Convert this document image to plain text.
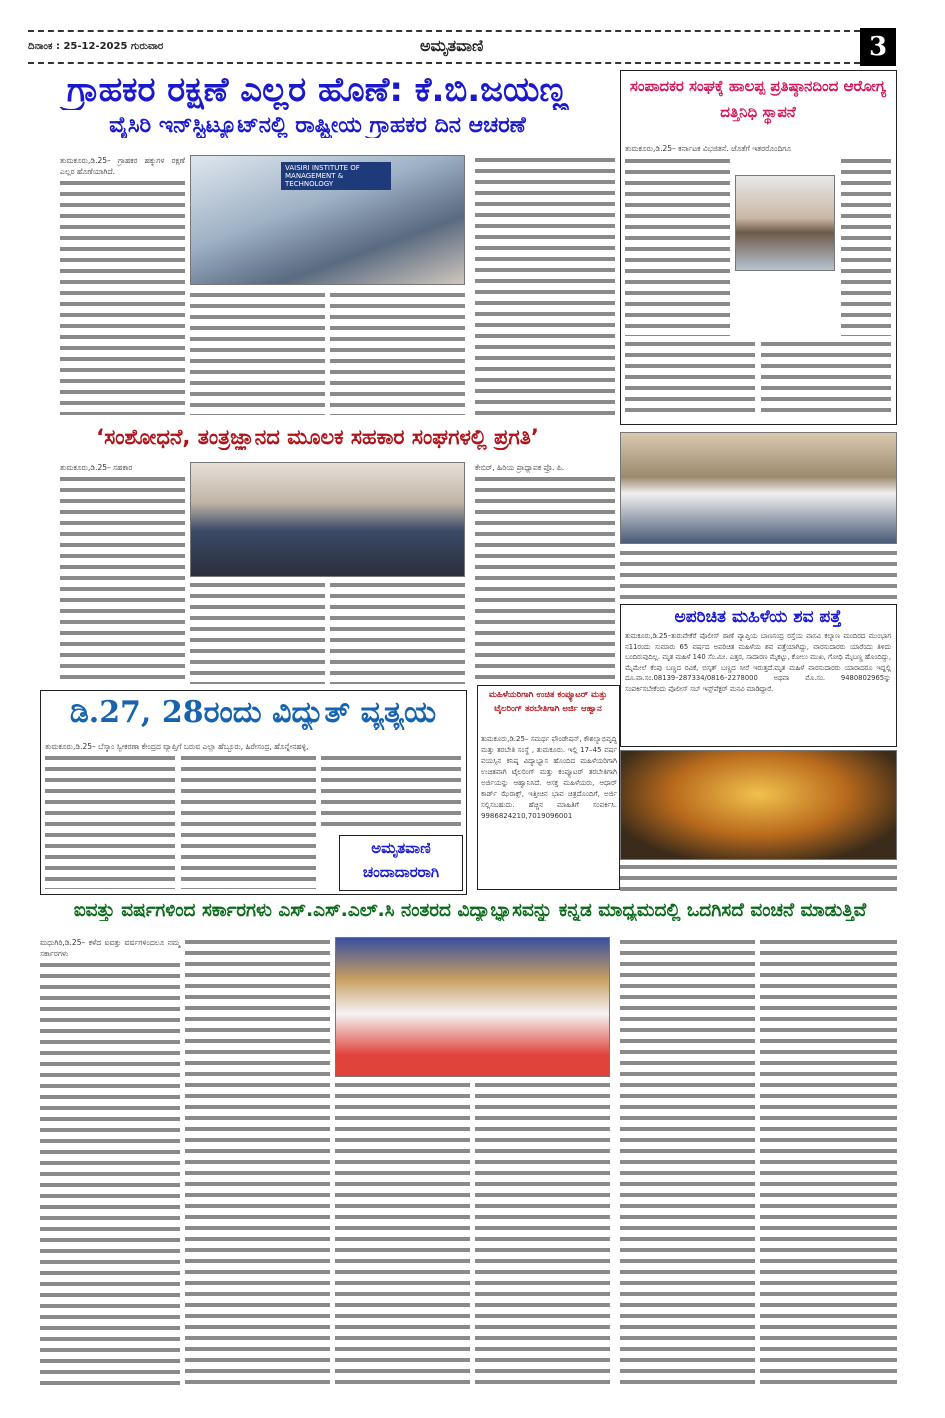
ದಿನಾಂಕ : 25-12-2025 ಗುರುವಾರ	ಅಮೃತವಾಣಿ	3
ಗ್ರಾಹಕರ ರಕ್ಷಣೆ ಎಲ್ಲರ ಹೊಣೆ: ಕೆ.ಬಿ.ಜಯಣ್ಣ
ವೈಸಿರಿ ಇನ್‌ಸ್ಟಿಟ್ಯೂಟ್‌ನಲ್ಲಿ ರಾಷ್ಟ್ರೀಯ ಗ್ರಾಹಕರ ದಿನ ಆಚರಣೆ
ತುಮಕೂರು,ಡಿ.25– ಗ್ರಾಹಕರ ಹಕ್ಕುಗಳ ರಕ್ಷಣೆ ಎಲ್ಲರ ಹೊಣೆಯಾಗಿದೆ.	VAISIRI INSTITUTE OF MANAGEMENT & TECHNOLOGY
ಸಂಪಾದಕರ ಸಂಘಕ್ಕೆ ಹಾಲಪ್ಪ ಪ್ರತಿಷ್ಠಾನದಿಂದ ಆರೋಗ್ಯ ದತ್ತಿನಿಧಿ ಸ್ಥಾಪನೆ
ತುಮಕೂರು,ಡಿ.25– ಕರ್ನಾಟಕ ವಿಭಜಿತನೆ. ಜೊತೆಗೆ ಇತರರೊಂದಿಗೂ
‘ಸಂಶೋಧನೆ, ತಂತ್ರಜ್ಞಾನದ ಮೂಲಕ ಸಹಕಾರ ಸಂಘಗಳಲ್ಲಿ ಪ್ರಗತಿ’
ತುಮಕೂರು,ಡಿ.25– ಸಹಕಾರ	ಕೇಬಿರ್, ಹಿರಿಯ ಪ್ರಾಧ್ಯಾಪಕ ಪ್ರೊ. ಪಿ.
ಅಪರಿಚಿತ ಮಹಿಳೆಯ ಶವ ಪತ್ತೆ
ತುಮಕೂರು,ಡಿ.25–ತುರುವೇಕೆರೆ ಪೊಲೀಸ್ ಠಾಣೆ ವ್ಯಾಪ್ತಿಯ ಬಾಣಸಂದ್ರ ರಸ್ತೆಯ ವಾಸವಿ ಕಲ್ಯಾಣ ಮಂದಿರದ ಮುಂಭಾಗ ನ11ರಂದು ಸುಮಾರು 65 ವರ್ಷದ ಅಪರಿಚಿತ ಮಹಿಳೆಯ ಶವ ಪತ್ತೆಯಾಗಿದ್ದು, ವಾರಸುದಾರರು ಯಾರೆಂದು ತಿಳಿದು ಬಂದಿರುವುದಿಲ್ಲ. ಮೃತ ಮಹಿಳೆ 140 ಸೆಂ.ಮೀ. ಎತ್ತರ, ಸಾದಾರಣ ಮೈಕಟ್ಟು, ಕೋಲು ಮುಖ, ಗೋಧಿ ಮೈಬಣ್ಣ ಹೊಂದಿದ್ದು, ಮೈಮೇಲೆ ಕೆಂಪು ಬಣ್ಣದ ರವಿಕೆ, ಬಿಸ್ಕತ್ ಬಣ್ಣದ ಸೀರೆ ಇರುತ್ತದೆ.ಮೃತ ಮಹಿಳೆ ವಾರಸುದಾರರು ಯಾರಾದರೂ ಇದ್ದಲ್ಲಿ ದೂ.ವಾ.ಸಂ.08139–287334/0816–2278000 ಅಥವಾ ಮೊ.ಸಂ. 9480802965ನ್ನು ಸಂಪರ್ಕಿಸಬೇಕೆಂದು ಪೊಲೀಸ್ ಸಬ್ ಇನ್ಸ್‌ಪೆಕ್ಟರ್ ಮನವಿ ಮಾಡಿದ್ದಾರೆ.
ಡಿ.27, 28ರಂದು ವಿದ್ಯುತ್ ವ್ಯತ್ಯಯ
ತುಮಕೂರು,ಡಿ.25– ಬೆಸ್ಕಾಂ ಸ್ವೀಕರಣಾ ಕೇಂದ್ರದ ವ್ಯಾಪ್ತಿಗೆ ಬರುವ ಎಲ್ಲಾ ಹೆಬ್ಬೂರು, ಹಿರೇಸಂದ್ರ, ಹೊನ್ನೇನಹಳ್ಳಿ,
ಅಮೃತವಾಣಿ
ಚಂದಾದಾರರಾಗಿ
ಮಹಿಳೆಯರಿಗಾಗಿ ಉಚಿತ ಕಂಪ್ಯೂಟರ್ ಮತ್ತು ಟೈಲರಿಂಗ್ ತರಬೇತಿಗಾಗಿ ಅರ್ಜಿ ಆಹ್ವಾನ
ತುಮಕೂರು,ಡಿ.25– ಸಮರ್ಥ ಫೌಂಡೇಷನ್, ಕೌಶಲ್ಯಾಭಿವೃದ್ಧಿ ಮತ್ತು ತರಬೇತಿ ಸಂಸ್ಥೆ , ತುಮಕೂರು. ಇಲ್ಲಿ 17–45 ವರ್ಷ ವಯಸ್ಸಿನ ಕನಿಷ್ಠ ವಿದ್ಯಾಭ್ಯಾಸ ಹೊಂದಿದ ಮಹಿಳೆಯರಿಗಾಗಿ ಉಚಿತವಾಗಿ ಟೈಲರಿಂಗ್ ಮತ್ತು ಕಂಪ್ಯೂಟರ್ ತರಬೇತಿಗಾಗಿ ಅರ್ಜಿಯನ್ನು ಆಹ್ವಾನಿಸಿದೆ. ಆಸಕ್ತ ಮಹಿಳೆಯರು, ಆಧಾರ್ ಕಾರ್ಡ್ ಝೆರಾಕ್ಸ್, ಇತ್ತೀಚಿನ ಭಾವ ಚಿತ್ರದೊಂದಿಗೆ, ಅರ್ಜಿ ಸಲ್ಲಿಸಬಹುದು. ಹೆಚ್ಚಿನ ಮಾಹಿತಿಗೆ ಸಂಪರ್ಕಿಸಿ. 9986824210,7019096001
ಐವತ್ತು ವರ್ಷಗಳಿಂದ ಸರ್ಕಾರಗಳು ಎಸ್.ಎಸ್.ಎಲ್.ಸಿ ನಂತರದ ವಿದ್ಯಾಭ್ಯಾಸವನ್ನು ಕನ್ನಡ ಮಾಧ್ಯಮದಲ್ಲಿ ಒದಗಿಸದೆ ವಂಚನೆ ಮಾಡುತ್ತಿವೆ
ಮಧುಗಿರಿ,ಡಿ.25– ಕಳೆದ ಐವತ್ತು ವರ್ಷಗಳಿಂದಲೂ ನಮ್ಮ ಸರ್ಕಾರಗಳು
